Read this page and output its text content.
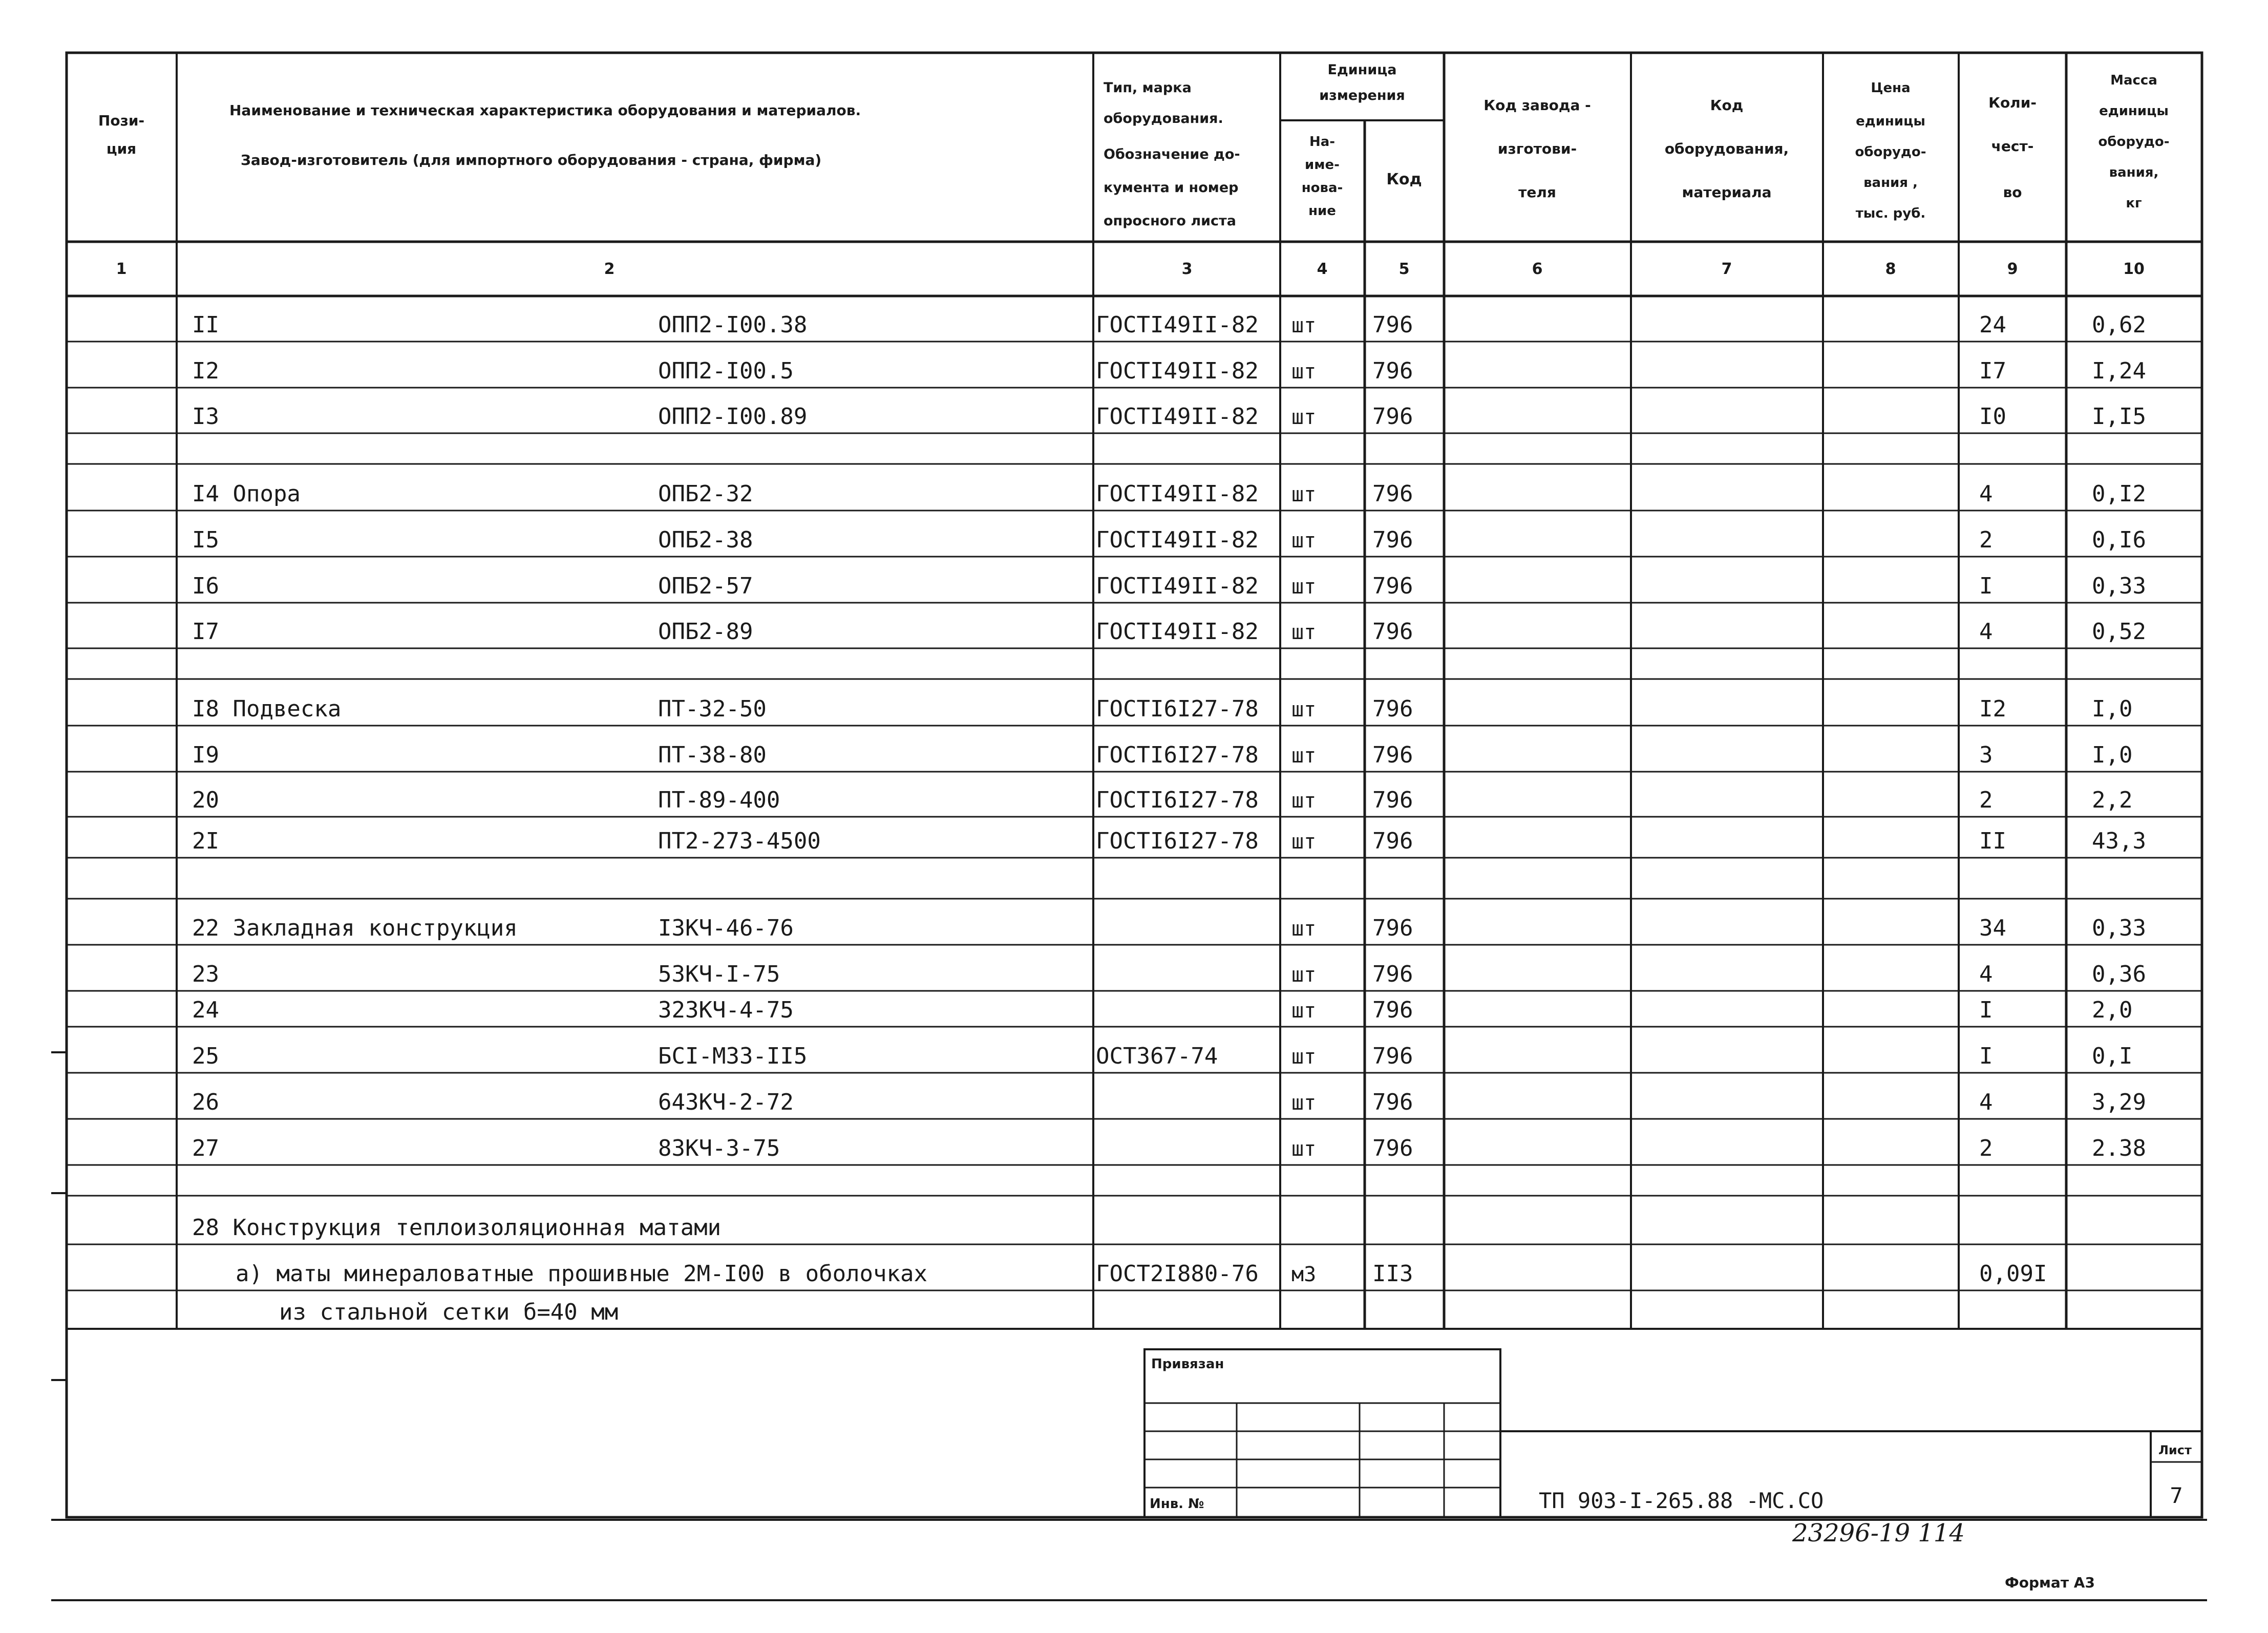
Пози-ция
Наименование и техническая характеристика оборудования и материалов.
Завод-изготовитель (для импортного оборудования - страна, фирма)
Тип, марка оборудования. Обозначение до-кумента и номер опросного листа
Единица измерения
На-име-нова-ние
Код
Код завода -изготови-теля
Код оборудования, материала
Цена единицы оборудо-вания , тыс. руб.
Коли-чест-во
Масса единицы оборудо-вания, кг
1	2	3	4	5	6	7	8	9	10
II	ОПП2-I00.38	ГОСТI49II-82 шт 796	24	0,62
I2	ОПП2-I00.5	ГОСТI49II-82 шт 796	I7	I,24
I3	ОПП2-I00.89	ГОСТI49II-82 шт 796	I0	I,I5
I4 Опора	ОПБ2-32	ГОСТI49II-82 шт 796	4	0,I2
I5	ОПБ2-38	ГОСТI49II-82 шт 796	2	0,I6
I6	ОПБ2-57	ГОСТI49II-82 шт 796	I	0,33
I7	ОПБ2-89	ГОСТI49II-82 шт 796	4	0,52
I8 Подвеска	ПТ-32-50	ГОСТI6I27-78 шт 796	I2	I,0
I9	ПТ-38-80	ГОСТI6I27-78 шт 796	3	I,0
20	ПТ-89-400	ГОСТI6I27-78 шт 796	2	2,2
2I	ПТ2-273-4500	ГОСТI6I27-78 шт 796	II	43,3
22 Закладная конструкция	I3КЧ-46-76	шт 796	34	0,33
23	53КЧ-I-75	шт 796	4	0,36
24	323КЧ-4-75	шт 796	I	2,0
25	БСI-М33-II5	ОСТ367-74	шт 796	I	0,I
26	643КЧ-2-72	шт 796	4	3,29
27	83КЧ-3-75	шт 796	2	2.38
28 Конструкция теплоизоляционная матами
а) маты минераловатные прошивные 2М-I00 в оболочках	ГОСТ2I880-76 м3 II3	0,09I
из стальной сетки б=40 мм
Привязан
Инв. №	ТП 903-I-265.88 -МС.СО
Лист
7
23296-19 114
Формат А3
